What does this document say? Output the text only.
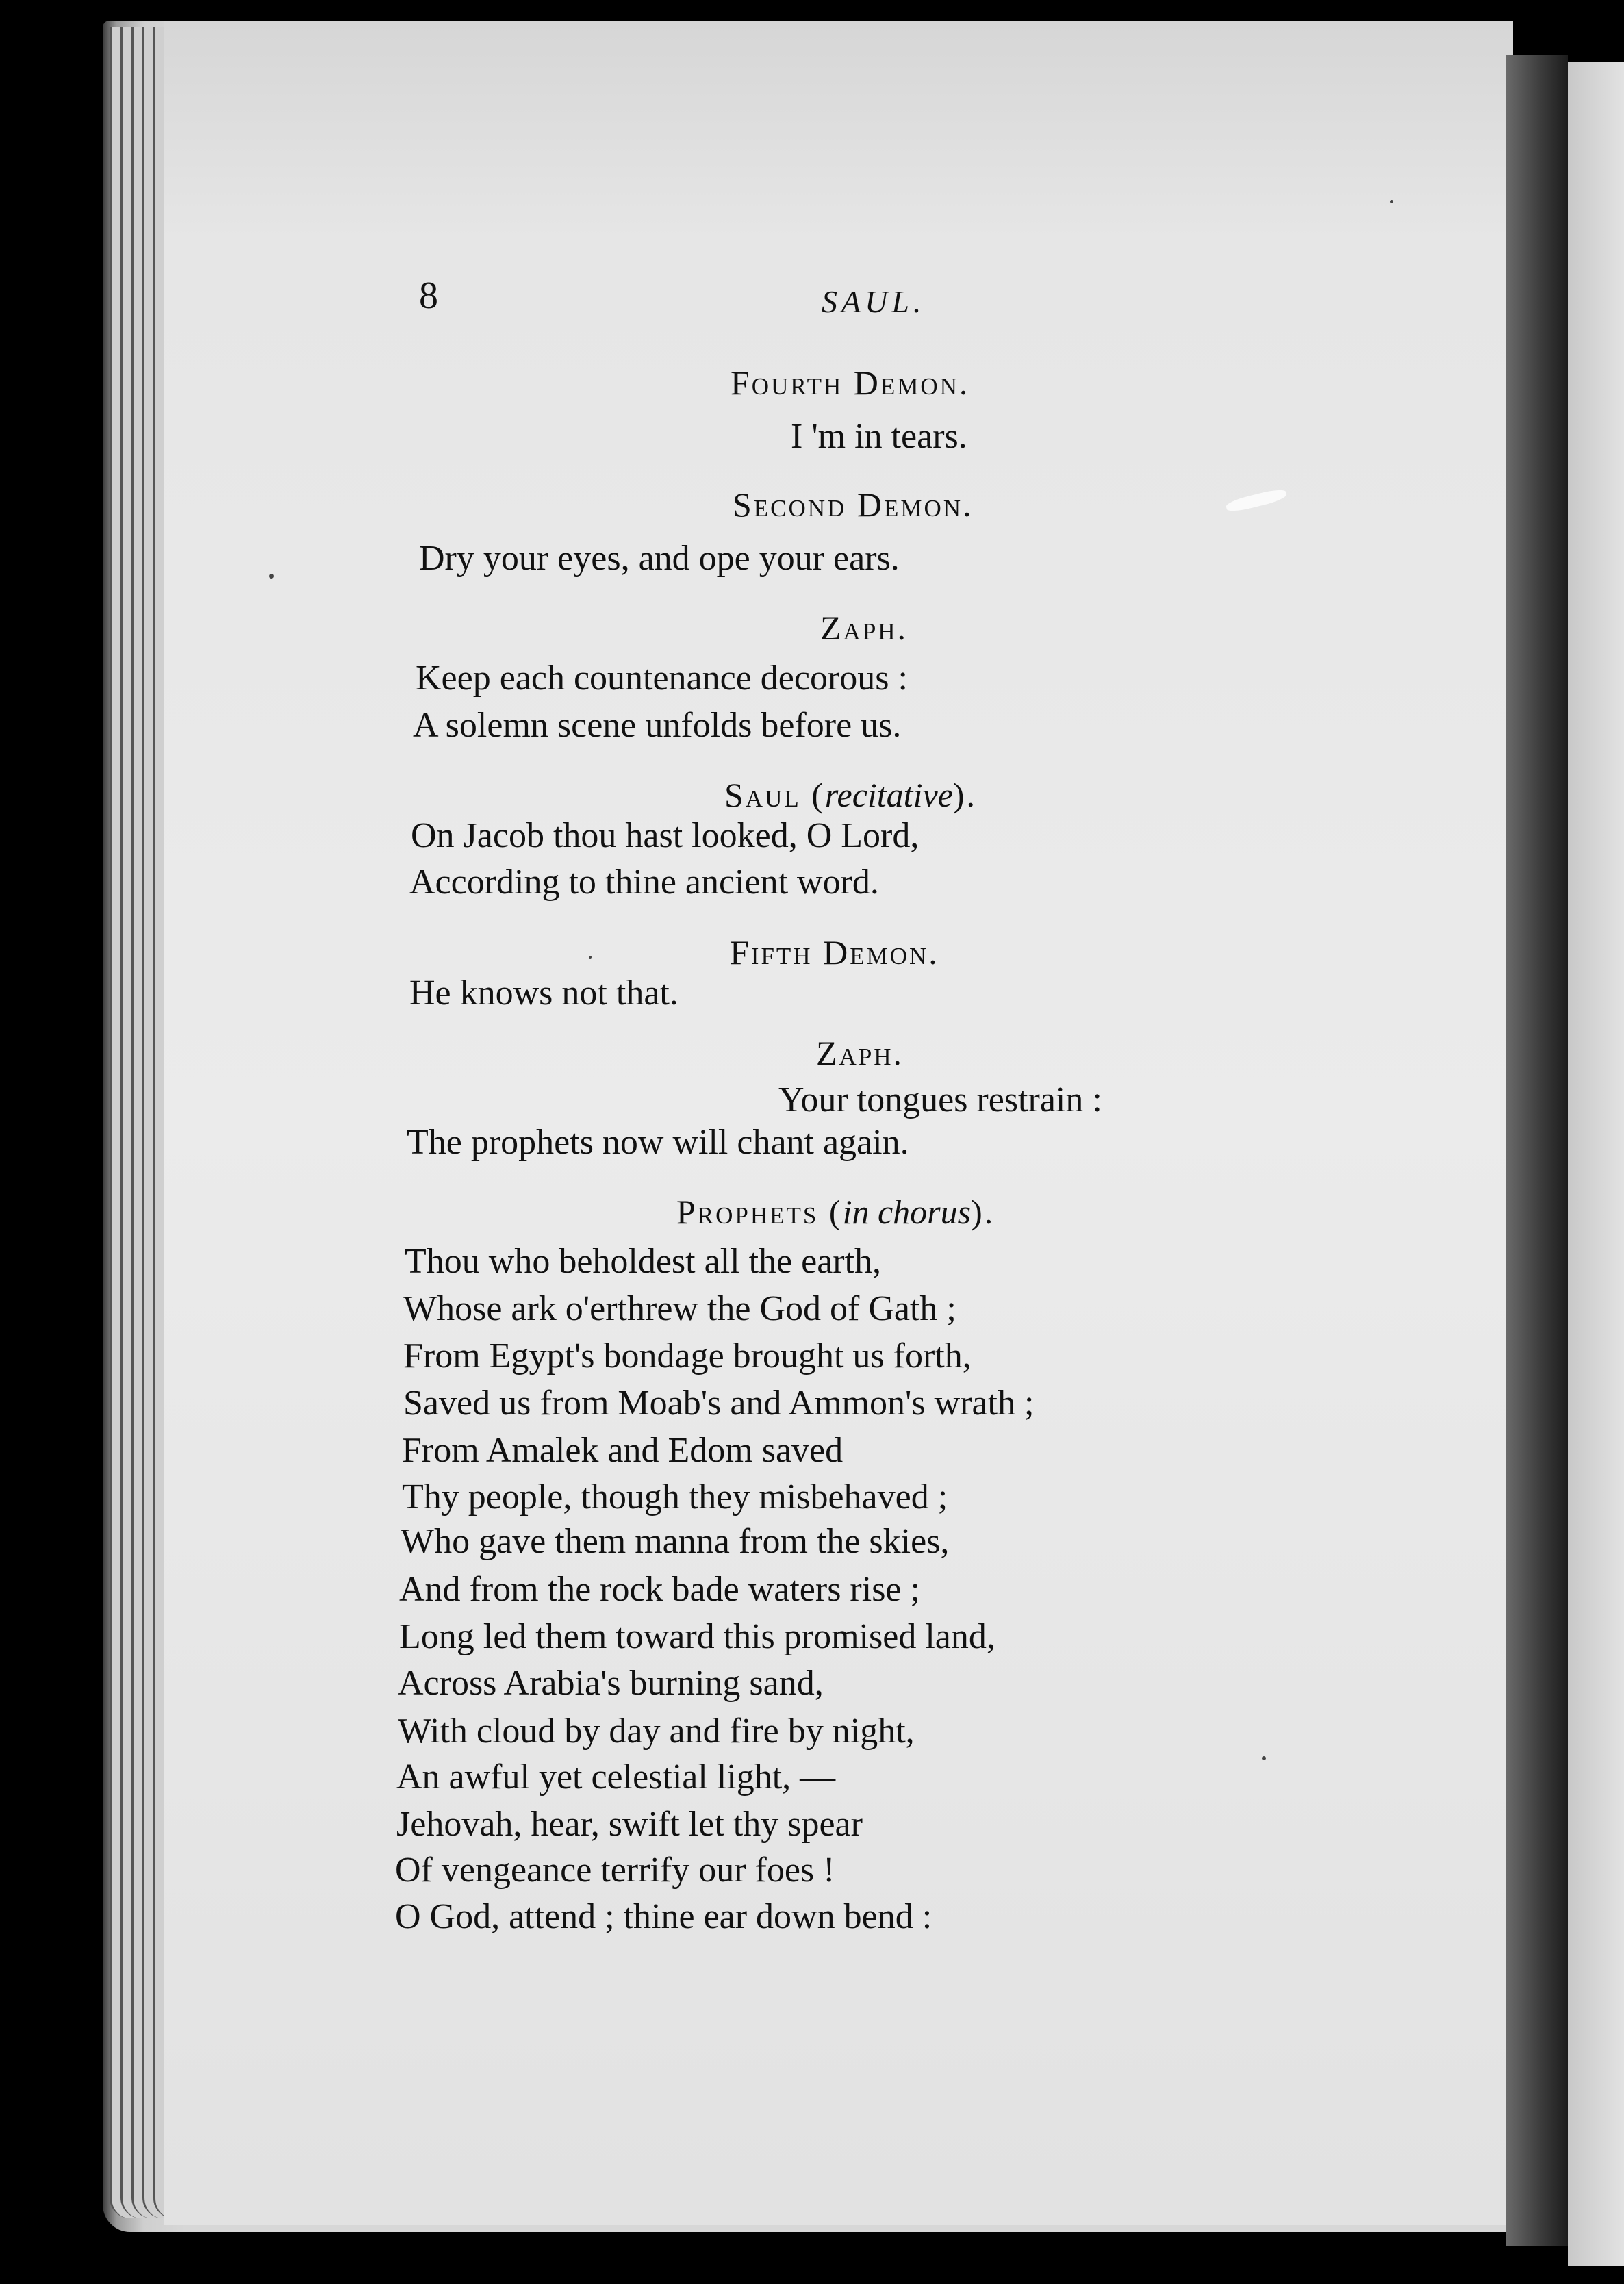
8	SAUL.
Fourth Demon.
I 'm in tears.
Second Demon.
Dry your eyes, and ope your ears.
Zaph.
Keep each countenance decorous :
A solemn scene unfolds before us.
Saul (recitative).
On Jacob thou hast looked, O Lord,
According to thine ancient word.
Fifth Demon.
He knows not that.
Zaph.
Your tongues restrain :
The prophets now will chant again.
Prophets (in chorus).
Thou who beholdest all the earth,
Whose ark o'erthrew the God of Gath ;
From Egypt's bondage brought us forth,
Saved us from Moab's and Ammon's wrath ;
From Amalek and Edom saved
Thy people, though they misbehaved ;
Who gave them manna from the skies,
And from the rock bade waters rise ;
Long led them toward this promised land,
Across Arabia's burning sand,
With cloud by day and fire by night,
An awful yet celestial light, —
Jehovah, hear, swift let thy spear
Of vengeance terrify our foes !
O God, attend ; thine ear down bend :
